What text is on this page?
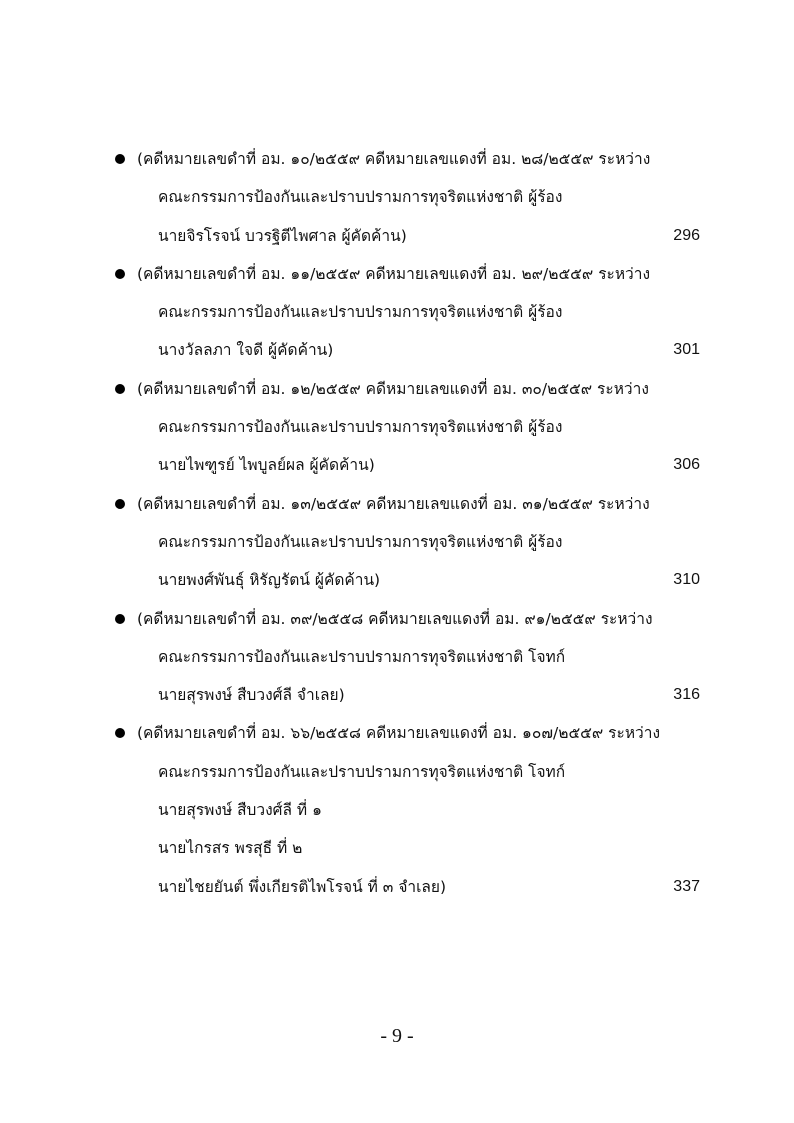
(คดีหมายเลขดำที่ อม. ๑๐/๒๕๕๙ คดีหมายเลขแดงที่ อม. ๒๘/๒๕๕๙ ระหว่าง
คณะกรรมการป้องกันและปราบปรามการทุจริตแห่งชาติ ผู้ร้อง
นายจิรโรจน์ บวรฐิตีไพศาล ผู้คัดค้าน)	296
(คดีหมายเลขดำที่ อม. ๑๑/๒๕๕๙ คดีหมายเลขแดงที่ อม. ๒๙/๒๕๕๙ ระหว่าง
คณะกรรมการป้องกันและปราบปรามการทุจริตแห่งชาติ ผู้ร้อง
นางวัลลภา ใจดี ผู้คัดค้าน)	301
(คดีหมายเลขดำที่ อม. ๑๒/๒๕๕๙ คดีหมายเลขแดงที่ อม. ๓๐/๒๕๕๙ ระหว่าง
คณะกรรมการป้องกันและปราบปรามการทุจริตแห่งชาติ ผู้ร้อง
นายไพฑูรย์ ไพบูลย์ผล ผู้คัดค้าน)	306
(คดีหมายเลขดำที่ อม. ๑๓/๒๕๕๙ คดีหมายเลขแดงที่ อม. ๓๑/๒๕๕๙ ระหว่าง
คณะกรรมการป้องกันและปราบปรามการทุจริตแห่งชาติ ผู้ร้อง
นายพงศ์พันธุ์ หิรัญรัตน์ ผู้คัดค้าน)	310
(คดีหมายเลขดำที่ อม. ๓๙/๒๕๕๘ คดีหมายเลขแดงที่ อม. ๙๑/๒๕๕๙ ระหว่าง
คณะกรรมการป้องกันและปราบปรามการทุจริตแห่งชาติ โจทก์
นายสุรพงษ์ สืบวงศ์ลี จำเลย)	316
(คดีหมายเลขดำที่ อม. ๖๖/๒๕๕๘ คดีหมายเลขแดงที่ อม. ๑๐๗/๒๕๕๙ ระหว่าง
คณะกรรมการป้องกันและปราบปรามการทุจริตแห่งชาติ โจทก์
นายสุรพงษ์ สืบวงศ์ลี ที่ ๑
นายไกรสร พรสุธี ที่ ๒
นายไชยยันต์ พึ่งเกียรติไพโรจน์ ที่ ๓ จำเลย)	337
- 9 -
